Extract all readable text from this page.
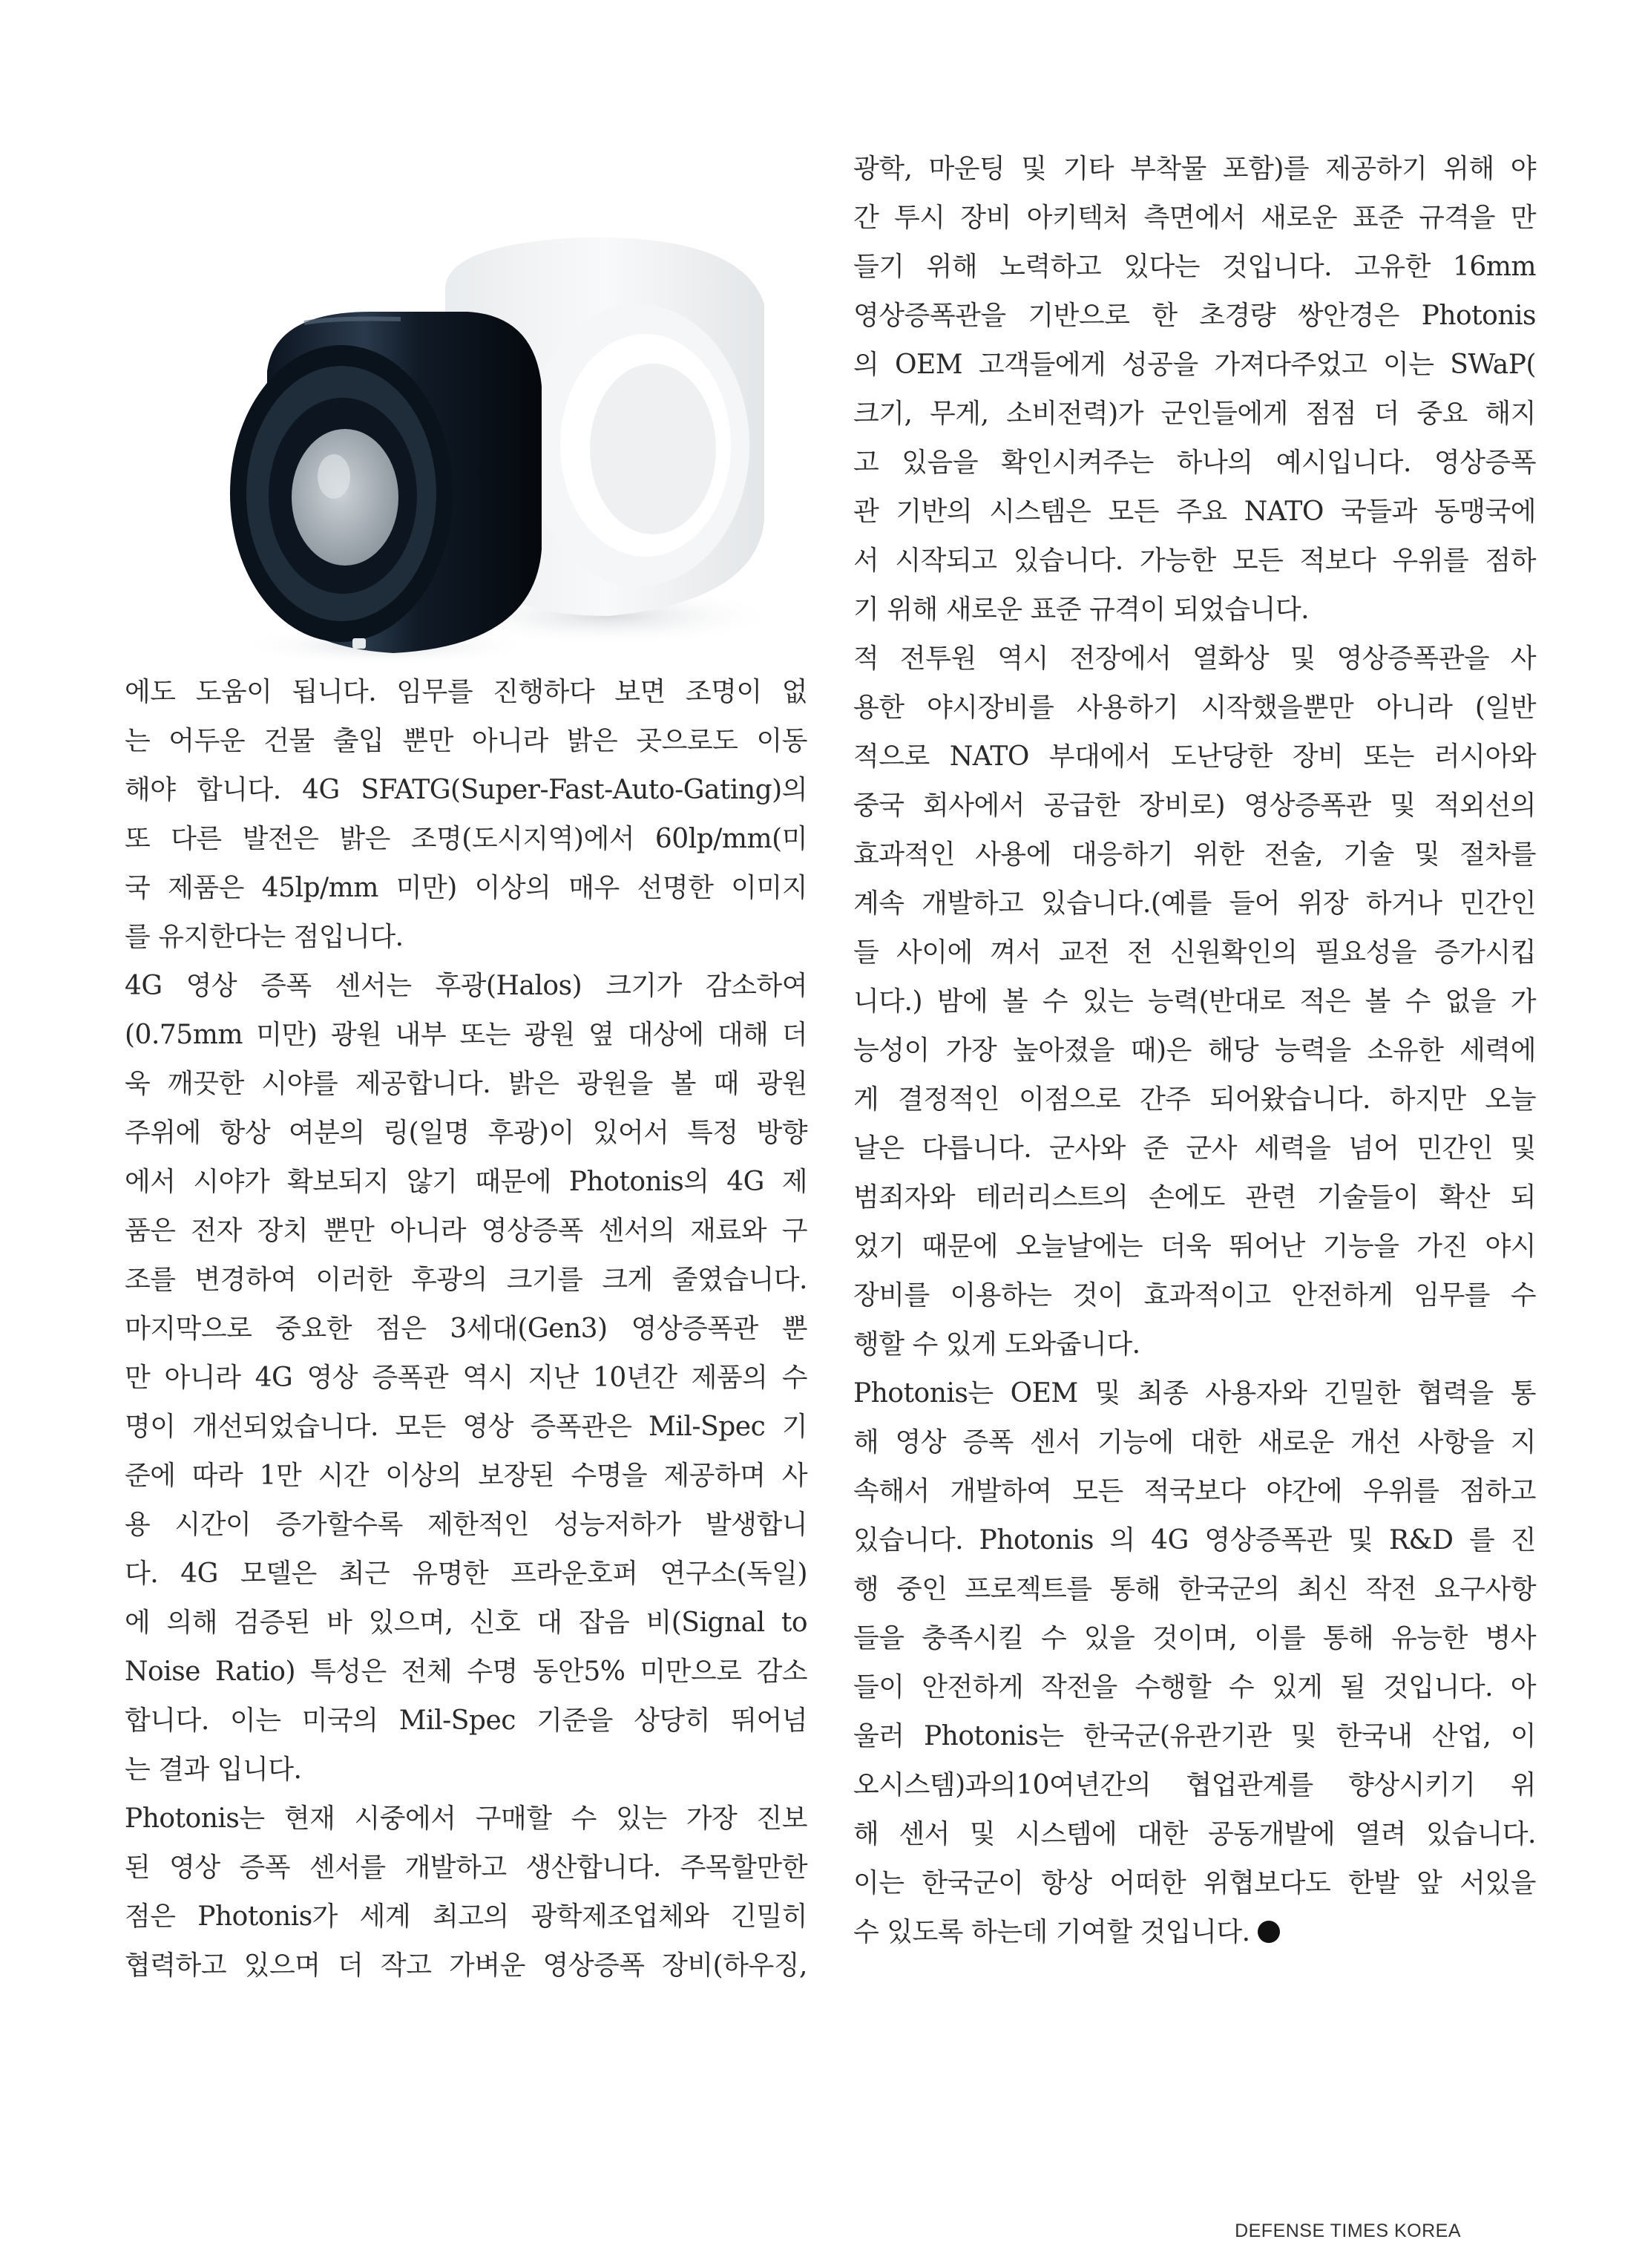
에도 도움이 됩니다. 임무를 진행하다 보면 조명이 없
는 어두운 건물 출입 뿐만 아니라 밝은 곳으로도 이동
해야 합니다. 4G SFATG(Super-Fast-Auto-Gating)의
또 다른 발전은 밝은 조명(도시지역)에서 60lp/mm(미
국 제품은 45lp/mm 미만) 이상의 매우 선명한 이미지
를 유지한다는 점입니다.
4G 영상 증폭 센서는 후광(Halos) 크기가 감소하여
(0.75mm 미만) 광원 내부 또는 광원 옆 대상에 대해 더
욱 깨끗한 시야를 제공합니다. 밝은 광원을 볼 때 광원
주위에 항상 여분의 링(일명 후광)이 있어서 특정 방향
에서 시야가 확보되지 않기 때문에 Photonis의 4G 제
품은 전자 장치 뿐만 아니라 영상증폭 센서의 재료와 구
조를 변경하여 이러한 후광의 크기를 크게 줄였습니다.
마지막으로 중요한 점은 3세대(Gen3) 영상증폭관 뿐
만 아니라 4G 영상 증폭관 역시 지난 10년간 제품의 수
명이 개선되었습니다. 모든 영상 증폭관은 Mil-Spec 기
준에 따라 1만 시간 이상의 보장된 수명을 제공하며 사
용 시간이 증가할수록 제한적인 성능저하가 발생합니
다. 4G 모델은 최근 유명한 프라운호퍼 연구소(독일)
에 의해 검증된 바 있으며, 신호 대 잡음 비(Signal to
Noise Ratio) 특성은 전체 수명 동안5% 미만으로 감소
합니다. 이는 미국의 Mil-Spec 기준을 상당히 뛰어넘
는 결과 입니다.
Photonis는 현재 시중에서 구매할 수 있는 가장 진보
된 영상 증폭 센서를 개발하고 생산합니다. 주목할만한
점은 Photonis가 세계 최고의 광학제조업체와 긴밀히
협력하고 있으며 더 작고 가벼운 영상증폭 장비(하우징,
광학, 마운팅 및 기타 부착물 포함)를 제공하기 위해 야
간 투시 장비 아키텍처 측면에서 새로운 표준 규격을 만
들기 위해 노력하고 있다는 것입니다. 고유한 16mm
영상증폭관을 기반으로 한 초경량 쌍안경은 Photonis
의 OEM 고객들에게 성공을 가져다주었고 이는 SWaP(
크기, 무게, 소비전력)가 군인들에게 점점 더 중요 해지
고 있음을 확인시켜주는 하나의 예시입니다. 영상증폭
관 기반의 시스템은 모든 주요 NATO 국들과 동맹국에
서 시작되고 있습니다. 가능한 모든 적보다 우위를 점하
기 위해 새로운 표준 규격이 되었습니다.
적 전투원 역시 전장에서 열화상 및 영상증폭관을 사
용한 야시장비를 사용하기 시작했을뿐만 아니라 (일반
적으로 NATO 부대에서 도난당한 장비 또는 러시아와
중국 회사에서 공급한 장비로) 영상증폭관 및 적외선의
효과적인 사용에 대응하기 위한 전술, 기술 및 절차를
계속 개발하고 있습니다.(예를 들어 위장 하거나 민간인
들 사이에 껴서 교전 전 신원확인의 필요성을 증가시킵
니다.) 밤에 볼 수 있는 능력(반대로 적은 볼 수 없을 가
능성이 가장 높아졌을 때)은 해당 능력을 소유한 세력에
게 결정적인 이점으로 간주 되어왔습니다. 하지만 오늘
날은 다릅니다. 군사와 준 군사 세력을 넘어 민간인 및
범죄자와 테러리스트의 손에도 관련 기술들이 확산 되
었기 때문에 오늘날에는 더욱 뛰어난 기능을 가진 야시
장비를 이용하는 것이 효과적이고 안전하게 임무를 수
행할 수 있게 도와줍니다.
Photonis는 OEM 및 최종 사용자와 긴밀한 협력을 통
해 영상 증폭 센서 기능에 대한 새로운 개선 사항을 지
속해서 개발하여 모든 적국보다 야간에 우위를 점하고
있습니다. Photonis 의 4G 영상증폭관 및 R&D 를 진
행 중인 프로젝트를 통해 한국군의 최신 작전 요구사항
들을 충족시킬 수 있을 것이며, 이를 통해 유능한 병사
들이 안전하게 작전을 수행할 수 있게 될 것입니다. 아
울러 Photonis는 한국군(유관기관 및 한국내 산업, 이
오시스템)과의10여년간의 협업관계를 향상시키기 위
해 센서 및 시스템에 대한 공동개발에 열려 있습니다.
이는 한국군이 항상 어떠한 위협보다도 한발 앞 서있을
수 있도록 하는데 기여할 것입니다.
DEFENSE TIMES KOREA
